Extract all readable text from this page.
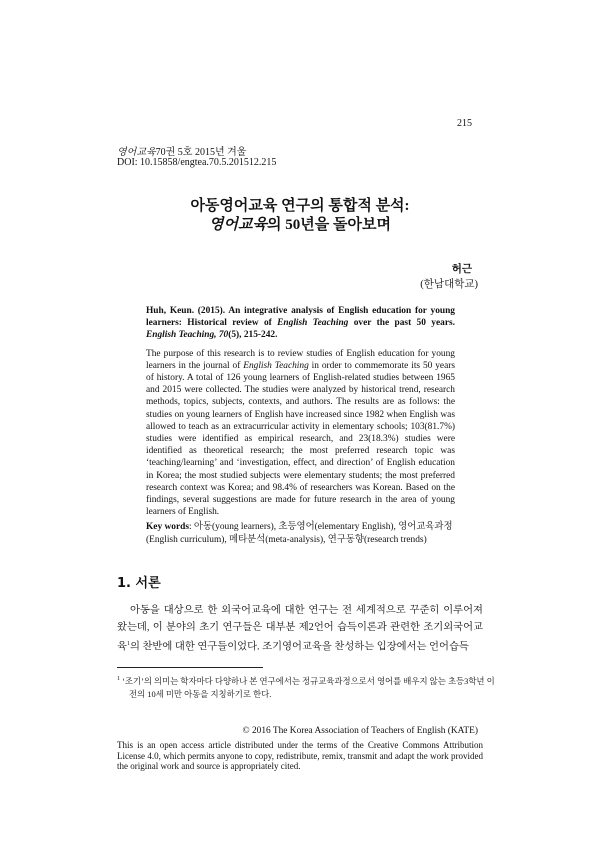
215
영어교육70권 5호 2015년 겨울
DOI: 10.15858/engtea.70.5.201512.215
아동영어교육 연구의 통합적 분석:
영어교육의 50년을 돌아보며
허근
(한남대학교)

Huh, Keun. (2015). An integrative analysis of English education for young learners: Historical review of English Teaching over the past 50 years. English Teaching, 70(5), 215-242.

The purpose of this research is to review studies of English education for young learners in the journal of English Teaching in order to commemorate its 50 years of history. A total of 126 young learners of English-related studies between 1965 and 2015 were collected. The studies were analyzed by historical trend, research methods, topics, subjects, contexts, and authors. The results are as follows: the studies on young learners of English have increased since 1982 when English was allowed to teach as an extracurricular activity in elementary schools; 103(81.7%) studies were identified as empirical research, and 23(18.3%) studies were identified as theoretical research; the most preferred research topic was ‘teaching/learning’ and ‘investigation, effect, and direction’ of English education in Korea; the most studied subjects were elementary students; the most preferred research context was Korea; and 98.4% of researchers was Korean. Based on the findings, several suggestions are made for future research in the area of young learners of English.

Key words: 아동(young learners), 초등영어(elementary English), 영어교육과정 (English curriculum), 메타분석(meta-analysis), 연구동향(research trends)
1. 서론
아동을 대상으로 한 외국어교육에 대한 연구는 전 세계적으로 꾸준히 이루어져 왔는데, 이 분야의 초기 연구들은 대부분 제2언어 습득이론과 관련한 조기외국어교육$^1$의 찬반에 대한 연구들이었다. 조기영어교육을 찬성하는 입장에서는 언어습득
$^1$ ‘조기’의 의미는 학자마다 다양하나 본 연구에서는 정규교육과정으로서 영어를 배우지 않는 초등3학년 이전의 10세 미만 아동을 지칭하기로 한다.
© 2016 The Korea Association of Teachers of English (KATE)
This is an open access article distributed under the terms of the Creative Commons Attribution License 4.0, which permits anyone to copy, redistribute, remix, transmit and adapt the work provided the original work and source is appropriately cited.
